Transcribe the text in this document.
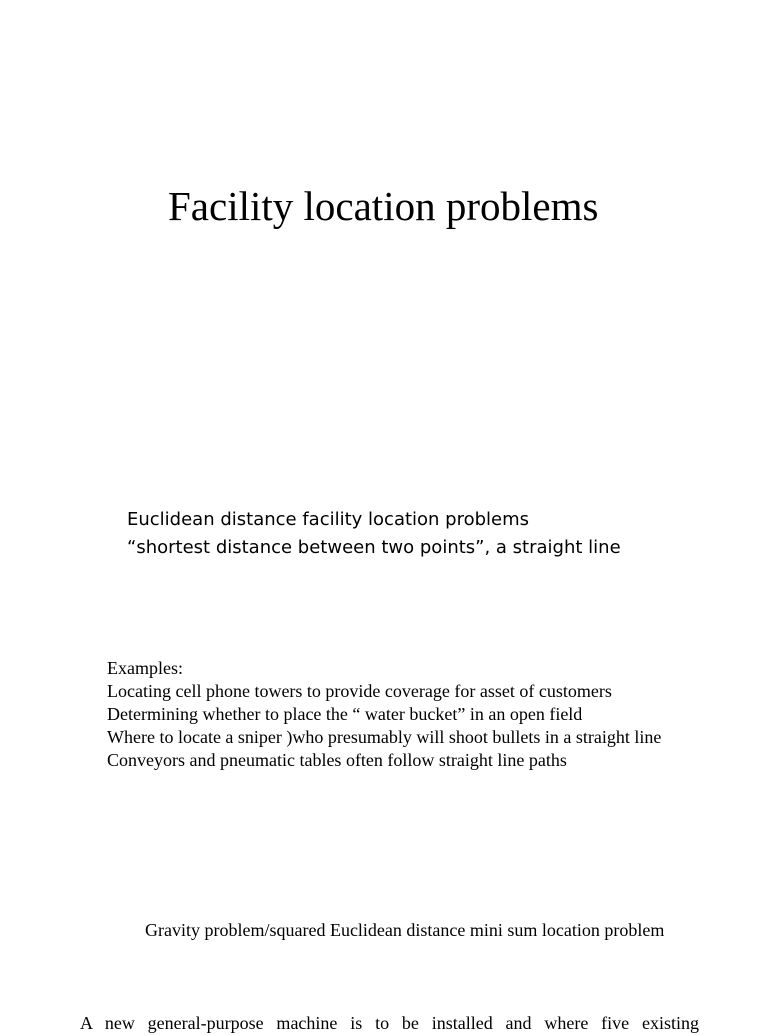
Facility location problems
Euclidean distance facility location problems
“shortest distance between two points”, a straight line
Examples:
Locating cell phone towers to provide coverage for asset of customers
Determining whether to place the “ water bucket” in an open field
Where to locate a sniper )who presumably will shoot bullets in a straight line
Conveyors and pneumatic tables often follow straight line paths
Gravity problem/squared Euclidean distance mini sum location problem
A new general-purpose machine is to be installed and where five existing
